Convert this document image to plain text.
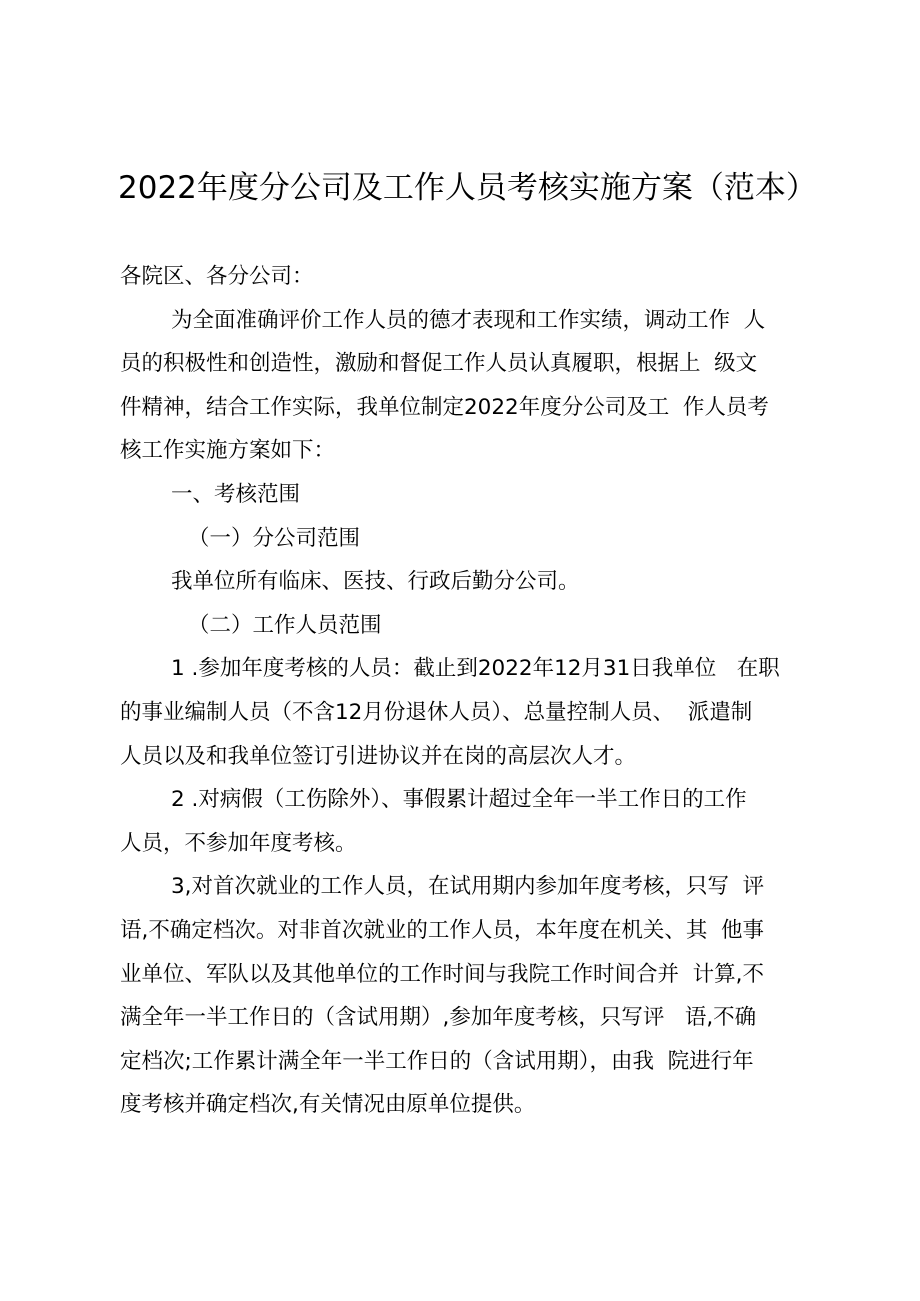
2022年度分公司及工作人员考核实施方案（范本）

各院区、各分公司：

为全面准确评价工作人员的德才表现和工作实绩，调动工作  人

员的积极性和创造性，激励和督促工作人员认真履职，根据上  级文

件精神，结合工作实际，我单位制定2022年度分公司及工  作人员考

核工作实施方案如下：

一、考核范围

（一）分公司范围

我单位所有临床、医技、行政后勤分公司。

（二）工作人员范围

1 .参加年度考核的人员：截止到2022年12月31日我单位   在职

的事业编制人员（不含12月份退休人员）、总量控制人员、  派遣制

人员以及和我单位签订引进协议并在岗的高层次人才。

2 .对病假（工伤除外）、事假累计超过全年一半工作日的工作

人员，不参加年度考核。

3,对首次就业的工作人员，在试用期内参加年度考核，只写  评

语,不确定档次。对非首次就业的工作人员，本年度在机关、其  他事

业单位、军队以及其他单位的工作时间与我院工作时间合并  计算,不

满全年一半工作日的（含试用期）,参加年度考核，只写评   语,不确

定档次;工作累计满全年一半工作日的（含试用期），由我  院进行年

度考核并确定档次,有关情况由原单位提供。
